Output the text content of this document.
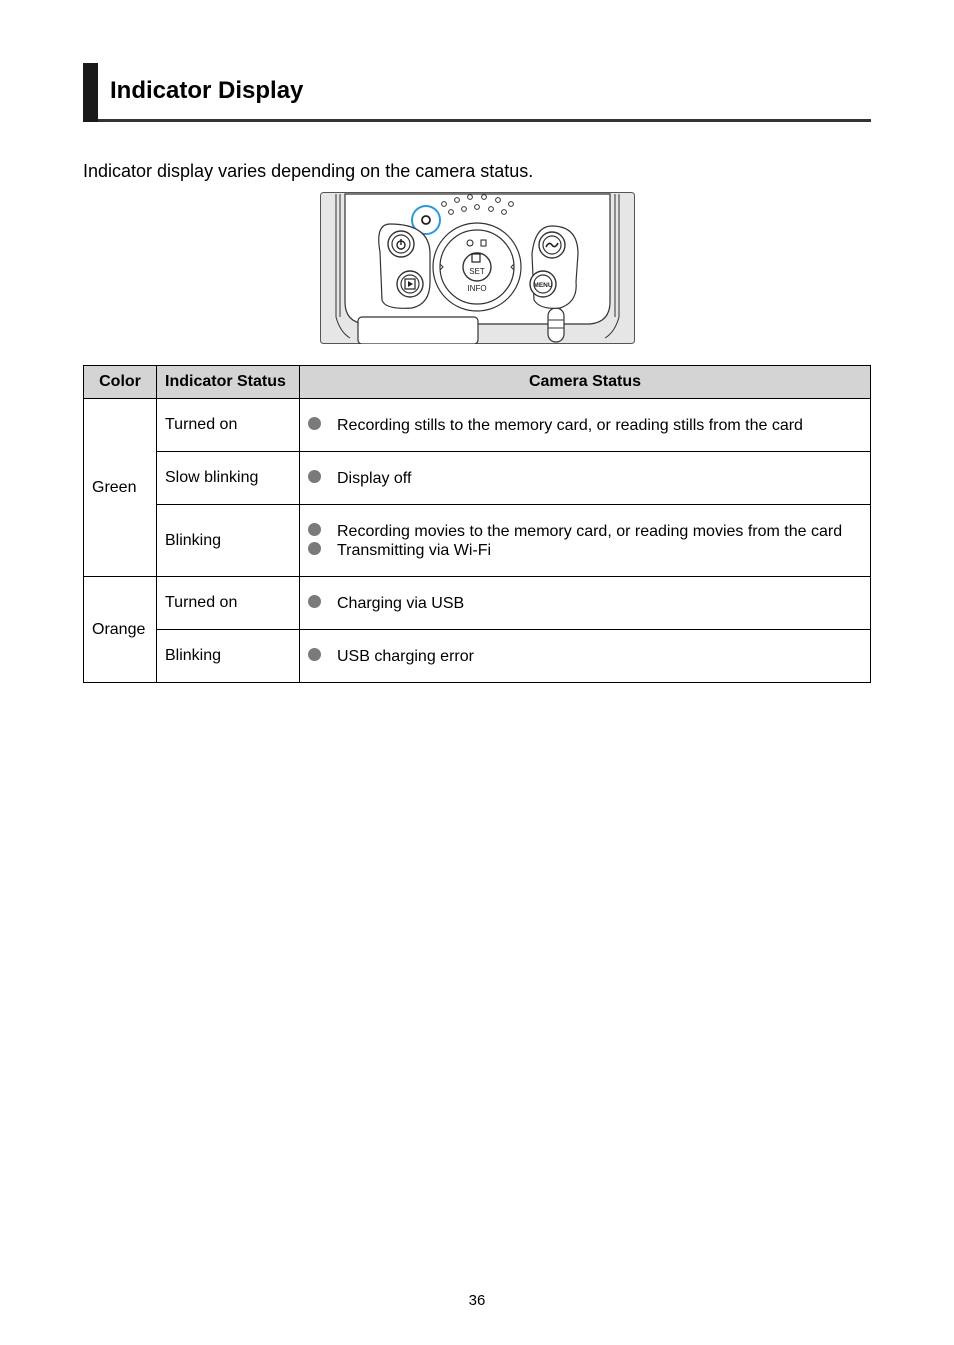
Indicator Display

Indicator display varies depending on the camera status.

SET
INFO	MENU
Color	Indicator Status	Camera Status
Green	Turned on	Recording stills to the memory card, or reading stills from the card

	Slow blinking	Display off

	Blinking	Recording movies to the memory card, or reading movies from the card
Transmitting via Wi-Fi

Orange	Turned on	Charging via USB

	Blinking	USB charging error
36
